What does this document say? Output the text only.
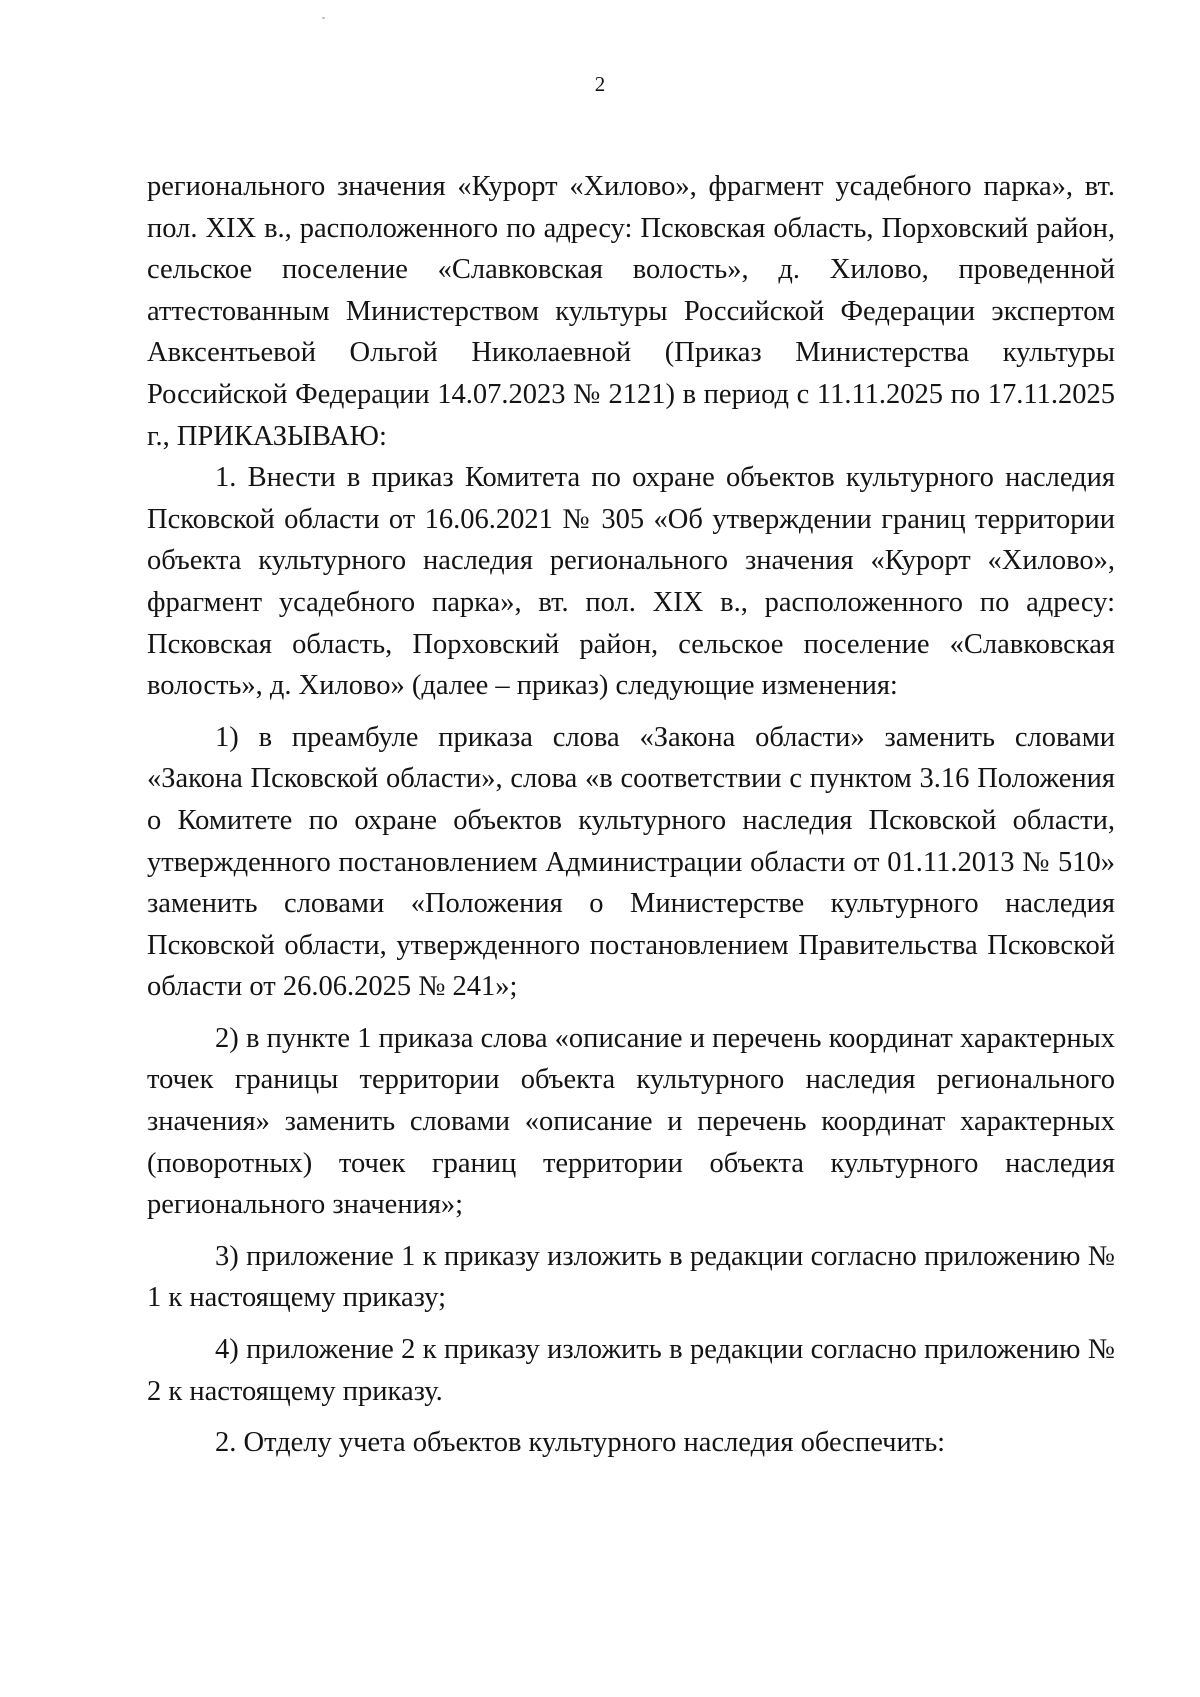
2

регионального значения «Курорт «Хилово», фрагмент усадебного парка», вт. пол. XIX в., расположенного по адресу: Псковская область, Порховский район, сельское поселение «Славковская волость», д. Хилово, проведенной аттестованным Министерством культуры Российской Федерации экспертом Авксентьевой Ольгой Николаевной (Приказ Министерства культуры Российской Федерации 14.07.2023 № 2121) в период с 11.11.2025 по 17.11.2025 г., ПРИКАЗЫВАЮ:

1. Внести в приказ Комитета по охране объектов культурного наследия Псковской области от 16.06.2021 № 305 «Об утверждении границ территории объекта культурного наследия регионального значения «Курорт «Хилово», фрагмент усадебного парка», вт. пол. XIX в., расположенного по адресу: Псковская область, Порховский район, сельское поселение «Славковская волость», д. Хилово» (далее – приказ) следующие изменения:

1) в преамбуле приказа слова «Закона области» заменить словами «Закона Псковской области», слова «в соответствии с пунктом 3.16 Положения о Комитете по охране объектов культурного наследия Псковской области, утвержденного постановлением Администрации области от 01.11.2013 № 510» заменить словами «Положения о Министерстве культурного наследия Псковской области, утвержденного постановлением Правительства Псковской области от 26.06.2025 № 241»;

2) в пункте 1 приказа слова «описание и перечень координат характерных точек границы территории объекта культурного наследия регионального значения» заменить словами «описание и перечень координат характерных (поворотных) точек границ территории объекта культурного наследия регионального значения»;

3) приложение 1 к приказу изложить в редакции согласно приложению № 1 к настоящему приказу;

4) приложение 2 к приказу изложить в редакции согласно приложению № 2 к настоящему приказу.

2. Отделу учета объектов культурного наследия обеспечить:
